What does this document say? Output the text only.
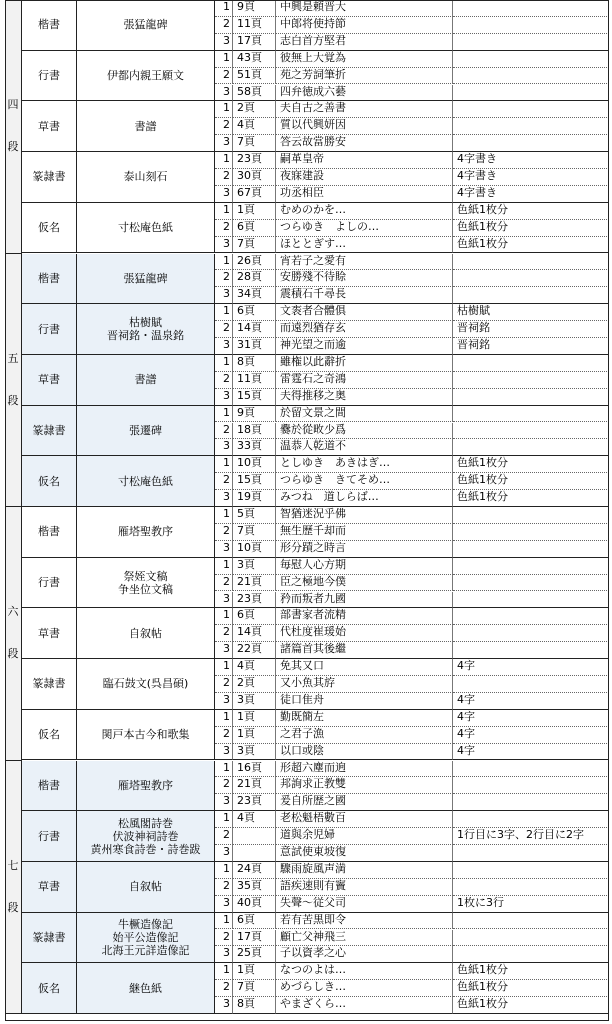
楷書	張猛龍碑
1 9頁	中興是頼晋大
2 11頁	中郎将使持節
3 17頁	志白首方堅君
行書	伊都内親王願文
1 43頁	彼無上大覚為
2 51頁	苑之芳詞筆折
3 58頁	四弁徳成六藝
草書	書譜
1 2頁	夫自古之善書
2 4頁	質以代興妍因
3 7頁	答云故當勝安
篆隷書	泰山刻石
1 23頁	嗣革皇帝	4字書き
2 30頁	夜寐建設	4字書き
3 67頁	功丞相臣	4字書き
仮名	寸松庵色紙
1 1頁	むめのかを…	色紙1枚分
2 6頁	つらゆき　よしの…	色紙1枚分
3 7頁	ほととぎす…	色紙1枚分
四

段
楷書	張猛龍碑
1 26頁	宵若子之愛有
2 28頁	安勝殘不待賒
3 34頁	震積石千尋長
行書	枯樹賦
晋祠銘・温泉銘
1 6頁	文袠者合體俱	枯樹賦
2 14頁	而遠烈猶存玄	晋祠銘
3 31頁	神光望之而逾	晋祠銘
草書	書譜
1 8頁	雖権以此辭折
2 11頁	雷霆石之奇鴻
3 15頁	夫得推移之奥
篆隷書	張遷碑
1 9頁	於留文景之間
2 18頁	爨於從畋少爲
3 33頁	温恭人乾道不
仮名	寸松庵色紙
1 10頁	としゆき　あきはぎ…	色紙1枚分
2 15頁	つらゆき　きてそめ…	色紙1枚分
3 19頁	みつね　道しらば…	色紙1枚分
五

段
楷書	雁塔聖教序
1 5頁	智猶迷況乎佛
2 7頁	無生歷千却而
3 10頁	形分蹟之時言
行書	祭姪文稿
争坐位文稿
1 3頁	毎慰人心方期
2 21頁	臣之極地今僕
3 23頁	矜而叛者九國
草書	自叙帖
1 6頁	部書家者流精
2 14頁	代杜度崔瑗始
3 22頁	諸篇首其後繼
篆隷書	臨石鼓文(呉昌碩)
1 4頁	免其又口	4字
2 2頁	又小魚其斿
3 3頁	徒口隹舟	4字
仮名	関戸本古今和歌集
1 1頁	勤既簡左	4字
2 1頁	之君子漁	4字
3 3頁	以口或陰	4字
六

段
楷書	雁塔聖教序
1 16頁	形超六塵而逈
2 21頁	邦詢求正教雙
3 23頁	爰自所歴之國
行書
松風閣詩巻
伏波神祠詩巻
黄州寒食詩巻・詩巻跋
1 4頁	老松魁梧數百
2	道與余児婦	1行目に3字、2行目に2字
3	意試使東坡復
草書	自叙帖
1 24頁	驟雨旋風声満
2 35頁	語疾速則有竇
3 40頁	失聲～従父司	1枚に3行
篆隷書
牛橛造像記
始平公造像記
北海王元詳造像記
1 6頁	若有苦黒即令
2 17頁	顧亡父神飛三
3 25頁	子以資孝之心
仮名	継色紙
1 1頁	なつのよは…	色紙1枚分
2 7頁	めづらしき…	色紙1枚分
3 8頁	やまざくら…	色紙1枚分
七

段
